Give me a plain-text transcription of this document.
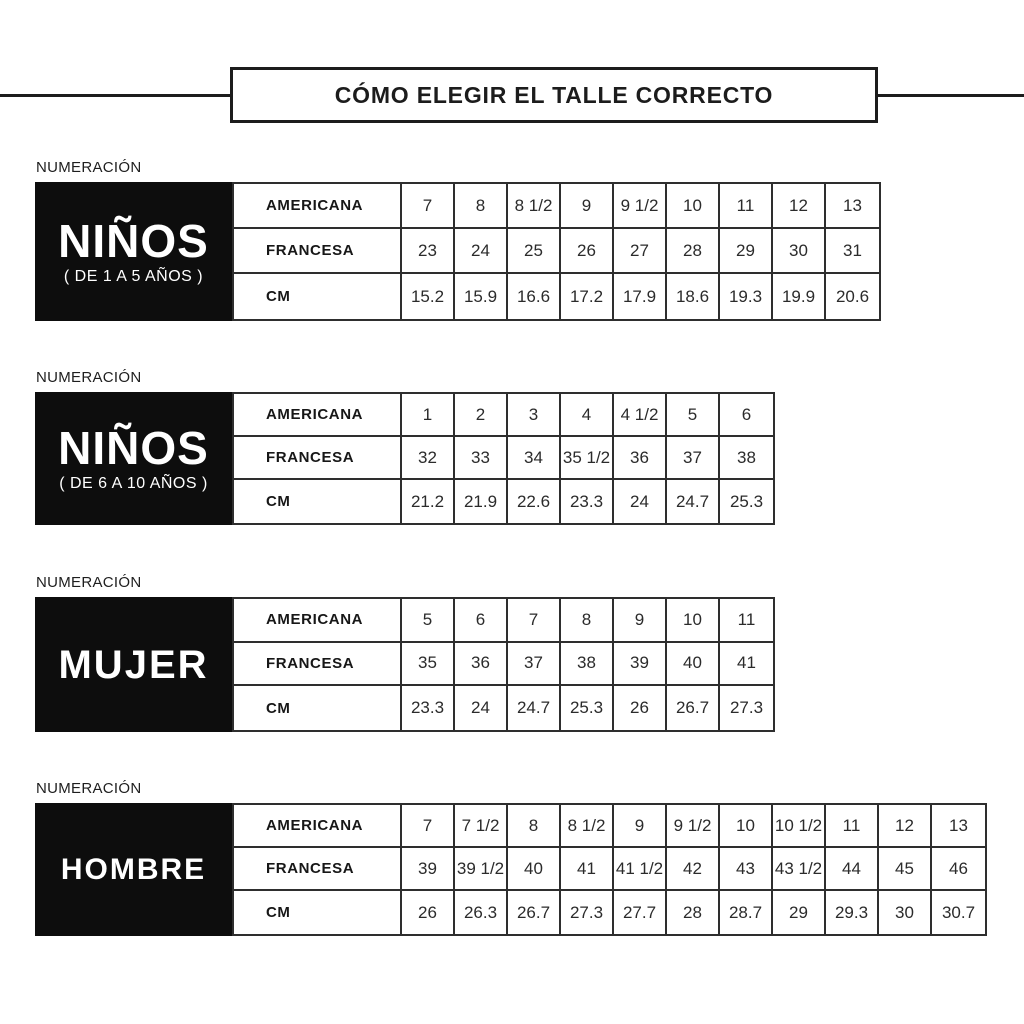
CÓMO ELEGIR EL TALLE CORRECTO
NUMERACIÓN
NIÑOS
( DE 1 A 5 AÑOS )
AMERICANA	7	8	8 1/2	9	9 1/2	10	11	12	13
FRANCESA	23	24	25	26	27	28	29	30	31
CM	15.2	15.9	16.6	17.2	17.9	18.6	19.3	19.9	20.6
NUMERACIÓN
NIÑOS
( DE 6 A 10 AÑOS )
AMERICANA	1	2	3	4	4 1/2	5	6
FRANCESA	32	33	34	35 1/2	36	37	38
CM	21.2	21.9	22.6	23.3	24	24.7	25.3
NUMERACIÓN
MUJER
AMERICANA	5	6	7	8	9	10	11
FRANCESA	35	36	37	38	39	40	41
CM	23.3	24	24.7	25.3	26	26.7	27.3
NUMERACIÓN
HOMBRE
AMERICANA	7	7 1/2	8	8 1/2	9	9 1/2	10	10 1/2	11	12	13
FRANCESA	39	39 1/2	40	41	41 1/2	42	43	43 1/2	44	45	46
CM	26	26.3	26.7	27.3	27.7	28	28.7	29	29.3	30	30.7
